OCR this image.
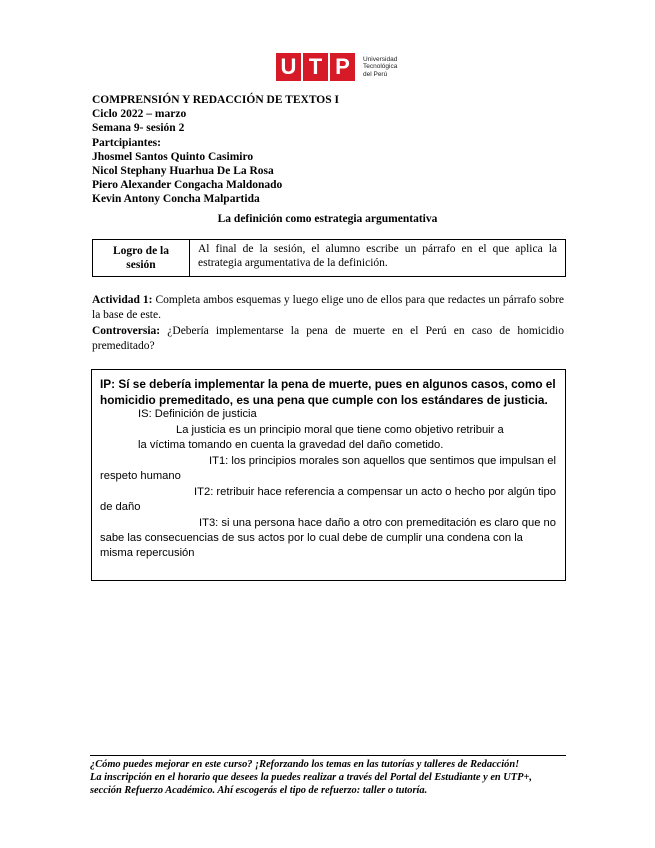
U T P	Universidad
Tecnológica
del Perú
COMPRENSIÓN Y REDACCIÓN DE TEXTOS I
Ciclo 2022 – marzo
Semana 9- sesión 2
Partcipiantes:
Jhosmel Santos Quinto Casimiro
Nicol Stephany Huarhua De La Rosa
Piero Alexander Congacha Maldonado
Kevin Antony Concha Malpartida
La definición como estrategia argumentativa
Logro de la
sesión
Al final de la sesión, el alumno escribe un párrafo en el que aplica la estrategia argumentativa de la definición.
Actividad 1: Completa ambos esquemas y luego elige uno de ellos para que redactes un párrafo sobre la base de este.
Controversia: ¿Debería implementarse la pena de muerte en el Perú en caso de homicidio premeditado?
IP: Sí se debería implementar la pena de muerte, pues en algunos casos, como el homicidio premeditado, es una pena que cumple con los estándares de justicia.
IS: Definición de justicia
La justicia es un principio moral que tiene como objetivo retribuir a
la víctima tomando en cuenta la gravedad del daño cometido.
IT1: los principios morales son aquellos que sentimos que impulsan el
respeto humano
IT2: retribuir hace referencia a compensar un acto o hecho por algún tipo
de daño
IT3: si una persona hace daño a otro con premeditación es claro que no
sabe las consecuencias de sus actos por lo cual debe de cumplir una condena con la
misma repercusión
¿Cómo puedes mejorar en este curso? ¡Reforzando los temas en las tutorías y talleres de Redacción!
La inscripción en el horario que desees la puedes realizar a través del Portal del Estudiante y en UTP+,
sección Refuerzo Académico. Ahí escogerás el tipo de refuerzo: taller o tutoría.
